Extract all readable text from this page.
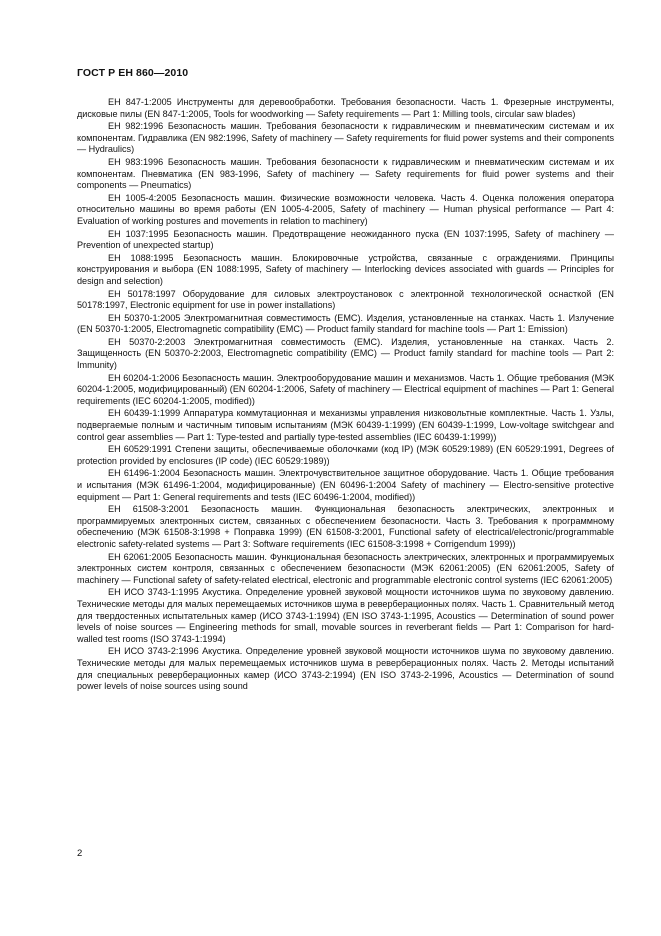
ГОСТ Р ЕН 860—2010

ЕН 847-1:2005 Инструменты для деревообработки. Требования безопасности. Часть 1. Фрезерные инструменты, дисковые пилы (EN 847-1:2005, Tools for woodworking — Safety requirements — Part 1: Milling tools, circular saw blades)

ЕН 982:1996 Безопасность машин. Требования безопасности к гидравлическим и пневматическим системам и их компонентам. Гидравлика (EN 982:1996, Safety of machinery — Safety requirements for fluid power systems and their components — Hydraulics)

ЕН 983:1996 Безопасность машин. Требования безопасности к гидравлическим и пневматическим системам и их компонентам. Пневматика (EN 983-1996, Safety of machinery — Safety requirements for fluid power systems and their components — Pneumatics)

ЕН 1005-4:2005 Безопасность машин. Физические возможности человека. Часть 4. Оценка положения оператора относительно машины во время работы (EN 1005-4-2005, Safety of machinery — Human physical performance — Part 4: Evaluation of working postures and movements in relation to machinery)

ЕН 1037:1995 Безопасность машин. Предотвращение неожиданного пуска (EN 1037:1995, Safety of machinery — Prevention of unexpected startup)

ЕН 1088:1995 Безопасность машин. Блокировочные устройства, связанные с ограждениями. Принципы конструирования и выбора (EN 1088:1995, Safety of machinery — Interlocking devices associated with guards — Principles for design and selection)

ЕН 50178:1997 Оборудование для силовых электроустановок с электронной технологической оснасткой (EN 50178:1997, Electronic equipment for use in power installations)

ЕН 50370-1:2005 Электромагнитная совместимость (ЕМС). Изделия, установленные на станках. Часть 1. Излучение (EN 50370-1:2005, Electromagnetic compatibility (EMC) — Product family standard for machine tools — Part 1: Emission)

ЕН 50370-2:2003 Электромагнитная совместимость (ЕМС). Изделия, установленные на станках. Часть 2. Защищенность (EN 50370-2:2003, Electromagnetic compatibility (EMC) — Product family standard for machine tools — Part 2: Immunity)

ЕН 60204-1:2006 Безопасность машин. Электрооборудование машин и механизмов. Часть 1. Общие требования (МЭК 60204-1:2005, модифицированный) (EN 60204-1:2006, Safety of machinery — Electrical equipment of machines — Part 1: General requirements (IEC 60204-1:2005, modified))

ЕН 60439-1:1999 Аппаратура коммутационная и механизмы управления низковольтные комплектные. Часть 1. Узлы, подвергаемые полным и частичным типовым испытаниям (МЭК 60439-1:1999) (EN 60439-1:1999, Low-voltage switchgear and control gear assemblies — Part 1: Type-tested and partially type-tested assemblies (IEC 60439-1:1999))

ЕН 60529:1991 Степени защиты, обеспечиваемые оболочками (код IP) (МЭК 60529:1989) (EN 60529:1991, Degrees of protection provided by enclosures (IP code) (IEC 60529:1989))

ЕН 61496-1:2004 Безопасность машин. Электрочувствительное защитное оборудование. Часть 1. Общие требования и испытания (МЭК 61496-1:2004, модифицированные) (EN 60496-1:2004 Safety of machinery — Electro-sensitive protective equipment — Part 1: General requirements and tests (IEC 60496-1:2004, modified))

ЕН 61508-3:2001 Безопасность машин. Функциональная безопасность электрических, электронных и программируемых электронных систем, связанных с обеспечением безопасности. Часть 3. Требования к программному обеспечению (МЭК 61508-3:1998 + Поправка 1999) (EN 61508-3:2001, Functional safety of electrical/electronic/programmable electronic safety-related systems — Part 3: Software requirements (IEC 61508-3:1998 + Corrigendum 1999))

ЕН 62061:2005 Безопасность машин. Функциональная безопасность электрических, электронных и программируемых электронных систем контроля, связанных с обеспечением безопасности (МЭК 62061:2005) (EN 62061:2005, Safety of machinery — Functional safety of safety-related electrical, electronic and programmable electronic control systems (IEC 62061:2005)

ЕН ИСО 3743-1:1995 Акустика. Определение уровней звуковой мощности источников шума по звуковому давлению. Технические методы для малых перемещаемых источников шума в реверберационных полях. Часть 1. Сравнительный метод для твердостенных испытательных камер (ИСО 3743-1:1994) (EN ISO 3743-1:1995, Acoustics — Determination of sound power levels of noise sources — Engineering methods for small, movable sources in reverberant fields — Part 1: Comparison for hard-walled test rooms (ISO 3743-1:1994)

ЕН ИСО 3743-2:1996 Акустика. Определение уровней звуковой мощности источников шума по звуковому давлению. Технические методы для малых перемещаемых источников шума в реверберационных полях. Часть 2. Методы испытаний для специальных реверберационных камер (ИСО 3743-2:1994) (EN ISO 3743-2-1996, Acoustics — Determination of sound power levels of noise sources using sound

2
